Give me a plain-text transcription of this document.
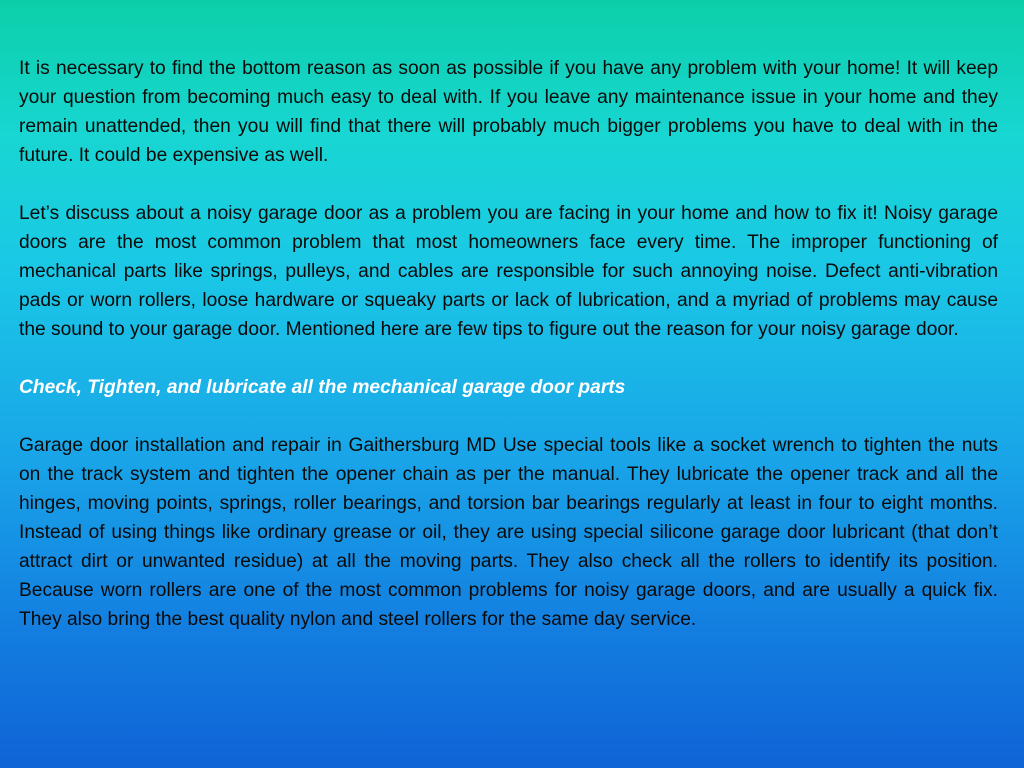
It is necessary to find the bottom reason as soon as possible if you have any problem with your home! It will keep your question from becoming much easy to deal with. If you leave any maintenance issue in your home and they remain unattended, then you will find that there will probably much bigger problems you have to deal with in the future. It could be expensive as well.

Let’s discuss about a noisy garage door as a problem you are facing in your home and how to fix it! Noisy garage doors are the most common problem that most homeowners face every time. The improper functioning of mechanical parts like springs, pulleys, and cables are responsible for such annoying noise. Defect anti-vibration pads or worn rollers, loose hardware or squeaky parts or lack of lubrication, and a myriad of problems may cause the sound to your garage door. Mentioned here are few tips to figure out the reason for your noisy garage door.

Check, Tighten, and lubricate all the mechanical garage door parts

Garage door installation and repair in Gaithersburg MD Use special tools like a socket wrench to tighten the nuts on the track system and tighten the opener chain as per the manual. They lubricate the opener track and all the hinges, moving points, springs, roller bearings, and torsion bar bearings regularly at least in four to eight months. Instead of using things like ordinary grease or oil, they are using special silicone garage door lubricant (that don’t attract dirt or unwanted residue) at all the moving parts. They also check all the rollers to identify its position. Because worn rollers are one of the most common problems for noisy garage doors, and are usually a quick fix. They also bring the best quality nylon and steel rollers for the same day service.
